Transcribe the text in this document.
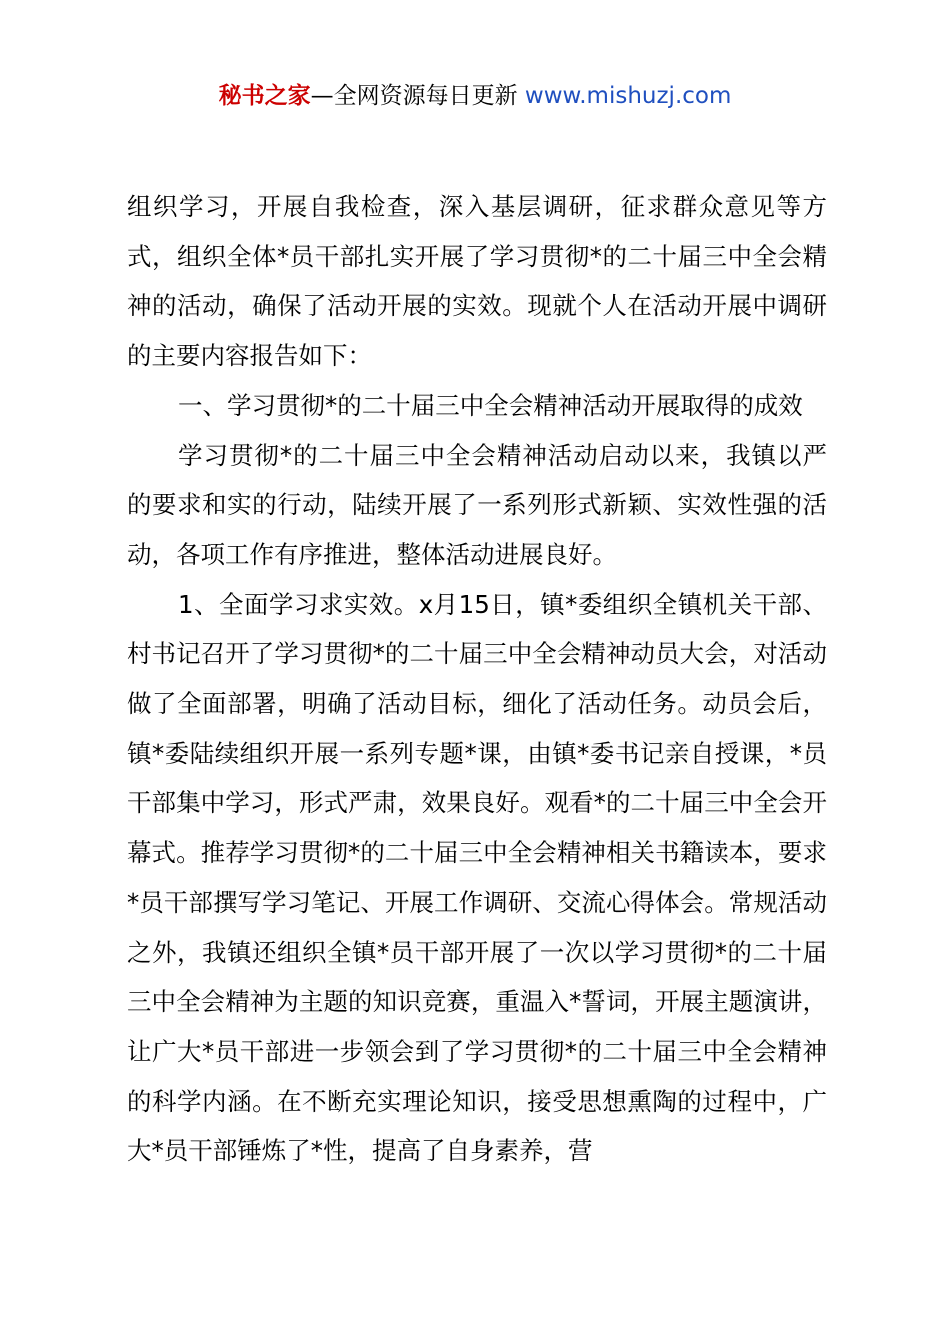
秘书之家—全网资源每日更新 www.mishuzj.com

组织学习，开展自我检查，深入基层调研，征求群众意见等方式，组织全体*员干部扎实开展了学习贯彻*的二十届三中全会精神的活动，确保了活动开展的实效。现就个人在活动开展中调研的主要内容报告如下：

一、学习贯彻*的二十届三中全会精神活动开展取得的成效

学习贯彻*的二十届三中全会精神活动启动以来，我镇以严的要求和实的行动，陆续开展了一系列形式新颖、实效性强的活动，各项工作有序推进，整体活动进展良好。

1、全面学习求实效。x月15日，镇*委组织全镇机关干部、村书记召开了学习贯彻*的二十届三中全会精神动员大会，对活动做了全面部署，明确了活动目标，细化了活动任务。动员会后，镇*委陆续组织开展一系列专题*课，由镇*委书记亲自授课，*员干部集中学习，形式严肃，效果良好。观看*的二十届三中全会开幕式。推荐学习贯彻*的二十届三中全会精神相关书籍读本，要求*员干部撰写学习笔记、开展工作调研、交流心得体会。常规活动之外，我镇还组织全镇*员干部开展了一次以学习贯彻*的二十届三中全会精神为主题的知识竞赛，重温入*誓词，开展主题演讲，让广大*员干部进一步领会到了学习贯彻*的二十届三中全会精神的科学内涵。在不断充实理论知识，接受思想熏陶的过程中，广大*员干部锤炼了*性，提高了自身素养，营
